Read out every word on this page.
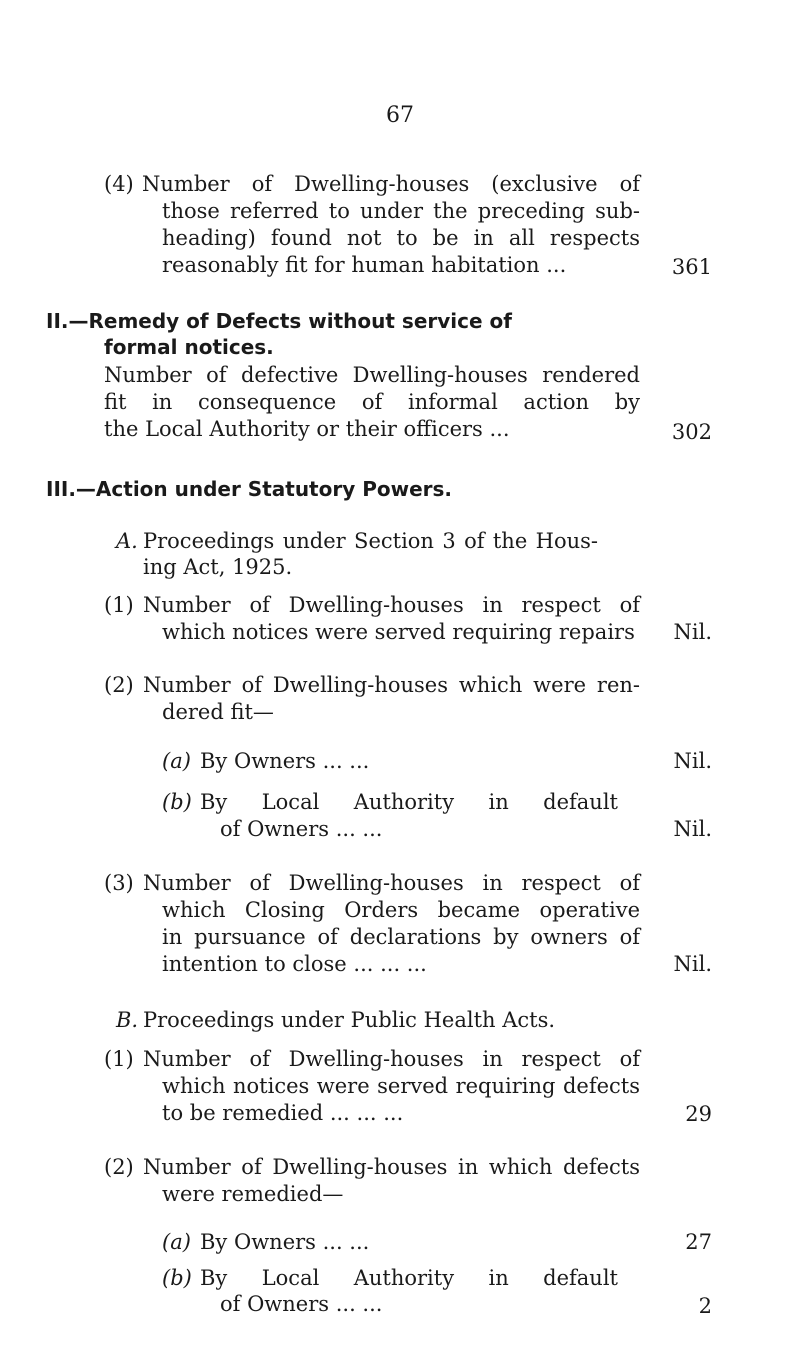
67
(4) Number of Dwelling-houses (exclusive of
those referred to under the preceding sub-
heading) found not to be in all respects
reasonably fit for human habitation ...	361
II.—Remedy of Defects without service of
formal notices.
Number of defective Dwelling-houses rendered
fit in consequence of informal action by
the Local Authority or their officers ...	302
III.—Action under Statutory Powers.
A. Proceedings under Section 3 of the Hous-
ing Act, 1925.
(1) Number of Dwelling-houses in respect of
which notices were served requiring repairs	Nil.
(2) Number of Dwelling-houses which were ren-
dered fit—
(a) By Owners ... ...	Nil.
(b) By Local Authority in default
of Owners ... ...	Nil.
(3) Number of Dwelling-houses in respect of
which Closing Orders became operative
in pursuance of declarations by owners of
intention to close ... ... ...	Nil.
B. Proceedings under Public Health Acts.
(1) Number of Dwelling-houses in respect of
which notices were served requiring defects
to be remedied ... ... ...	29
(2) Number of Dwelling-houses in which defects
were remedied—
(a) By Owners ... ...	27
(b) By Local Authority in default
of Owners ... ...	2
